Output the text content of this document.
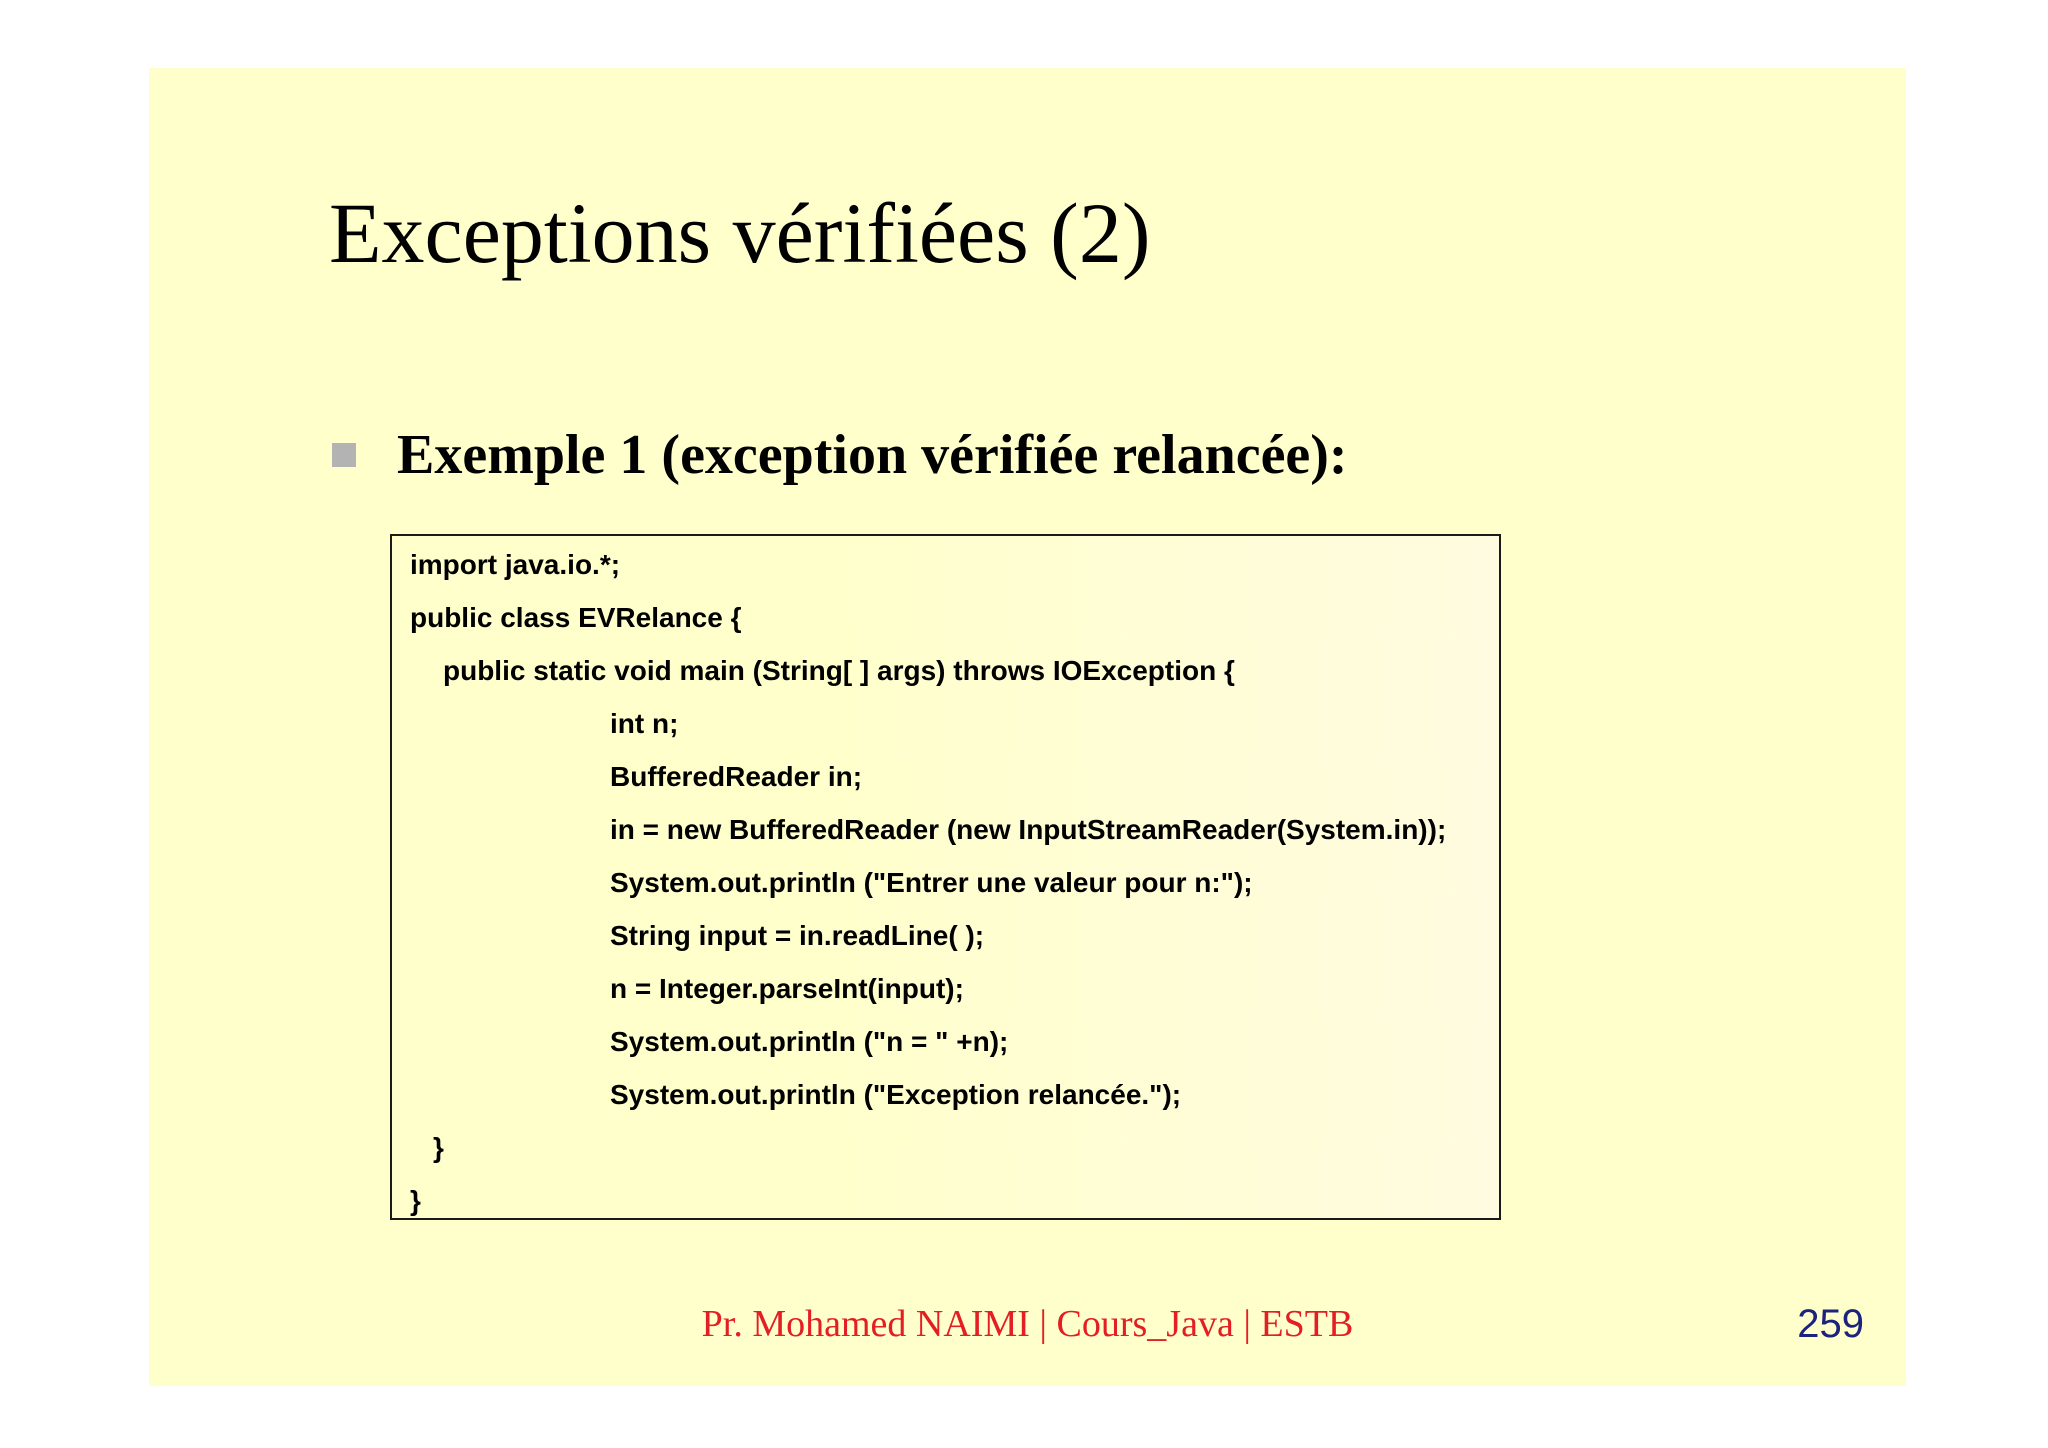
Exceptions vérifiées (2)
Exemple 1 (exception vérifiée relancée):
import java.io.*;
public class EVRelance {
public static void main (String[ ] args) throws IOException {
int n;
BufferedReader in;
in = new BufferedReader (new InputStreamReader(System.in));
System.out.println ("Entrer une valeur pour n:");
String input = in.readLine( );
n = Integer.parseInt(input);
System.out.println ("n = " +n);
System.out.println ("Exception relancée.");
}
}
Pr. Mohamed NAIMI | Cours_Java | ESTB	259
